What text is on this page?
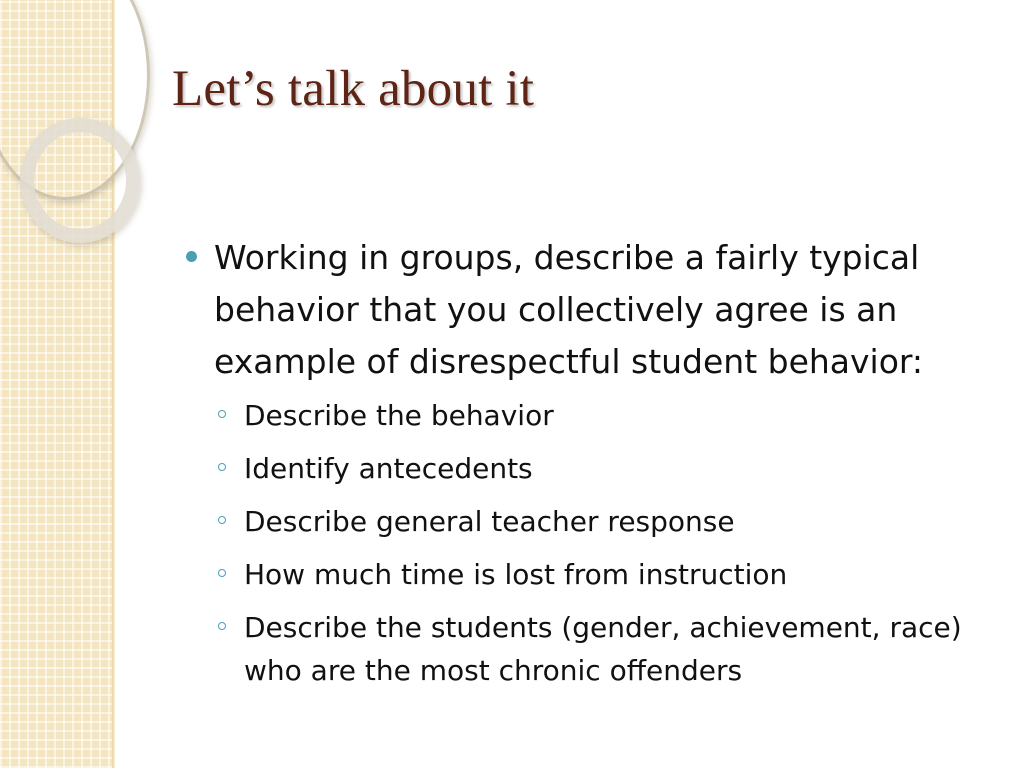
Let’s talk about it
Working in groups, describe a fairly typical behavior that you collectively agree is an example of disrespectful student behavior:
Describe the behavior
Identify antecedents
Describe general teacher response
How much time is lost from instruction
Describe the students (gender, achievement, race) who are the most chronic offenders
